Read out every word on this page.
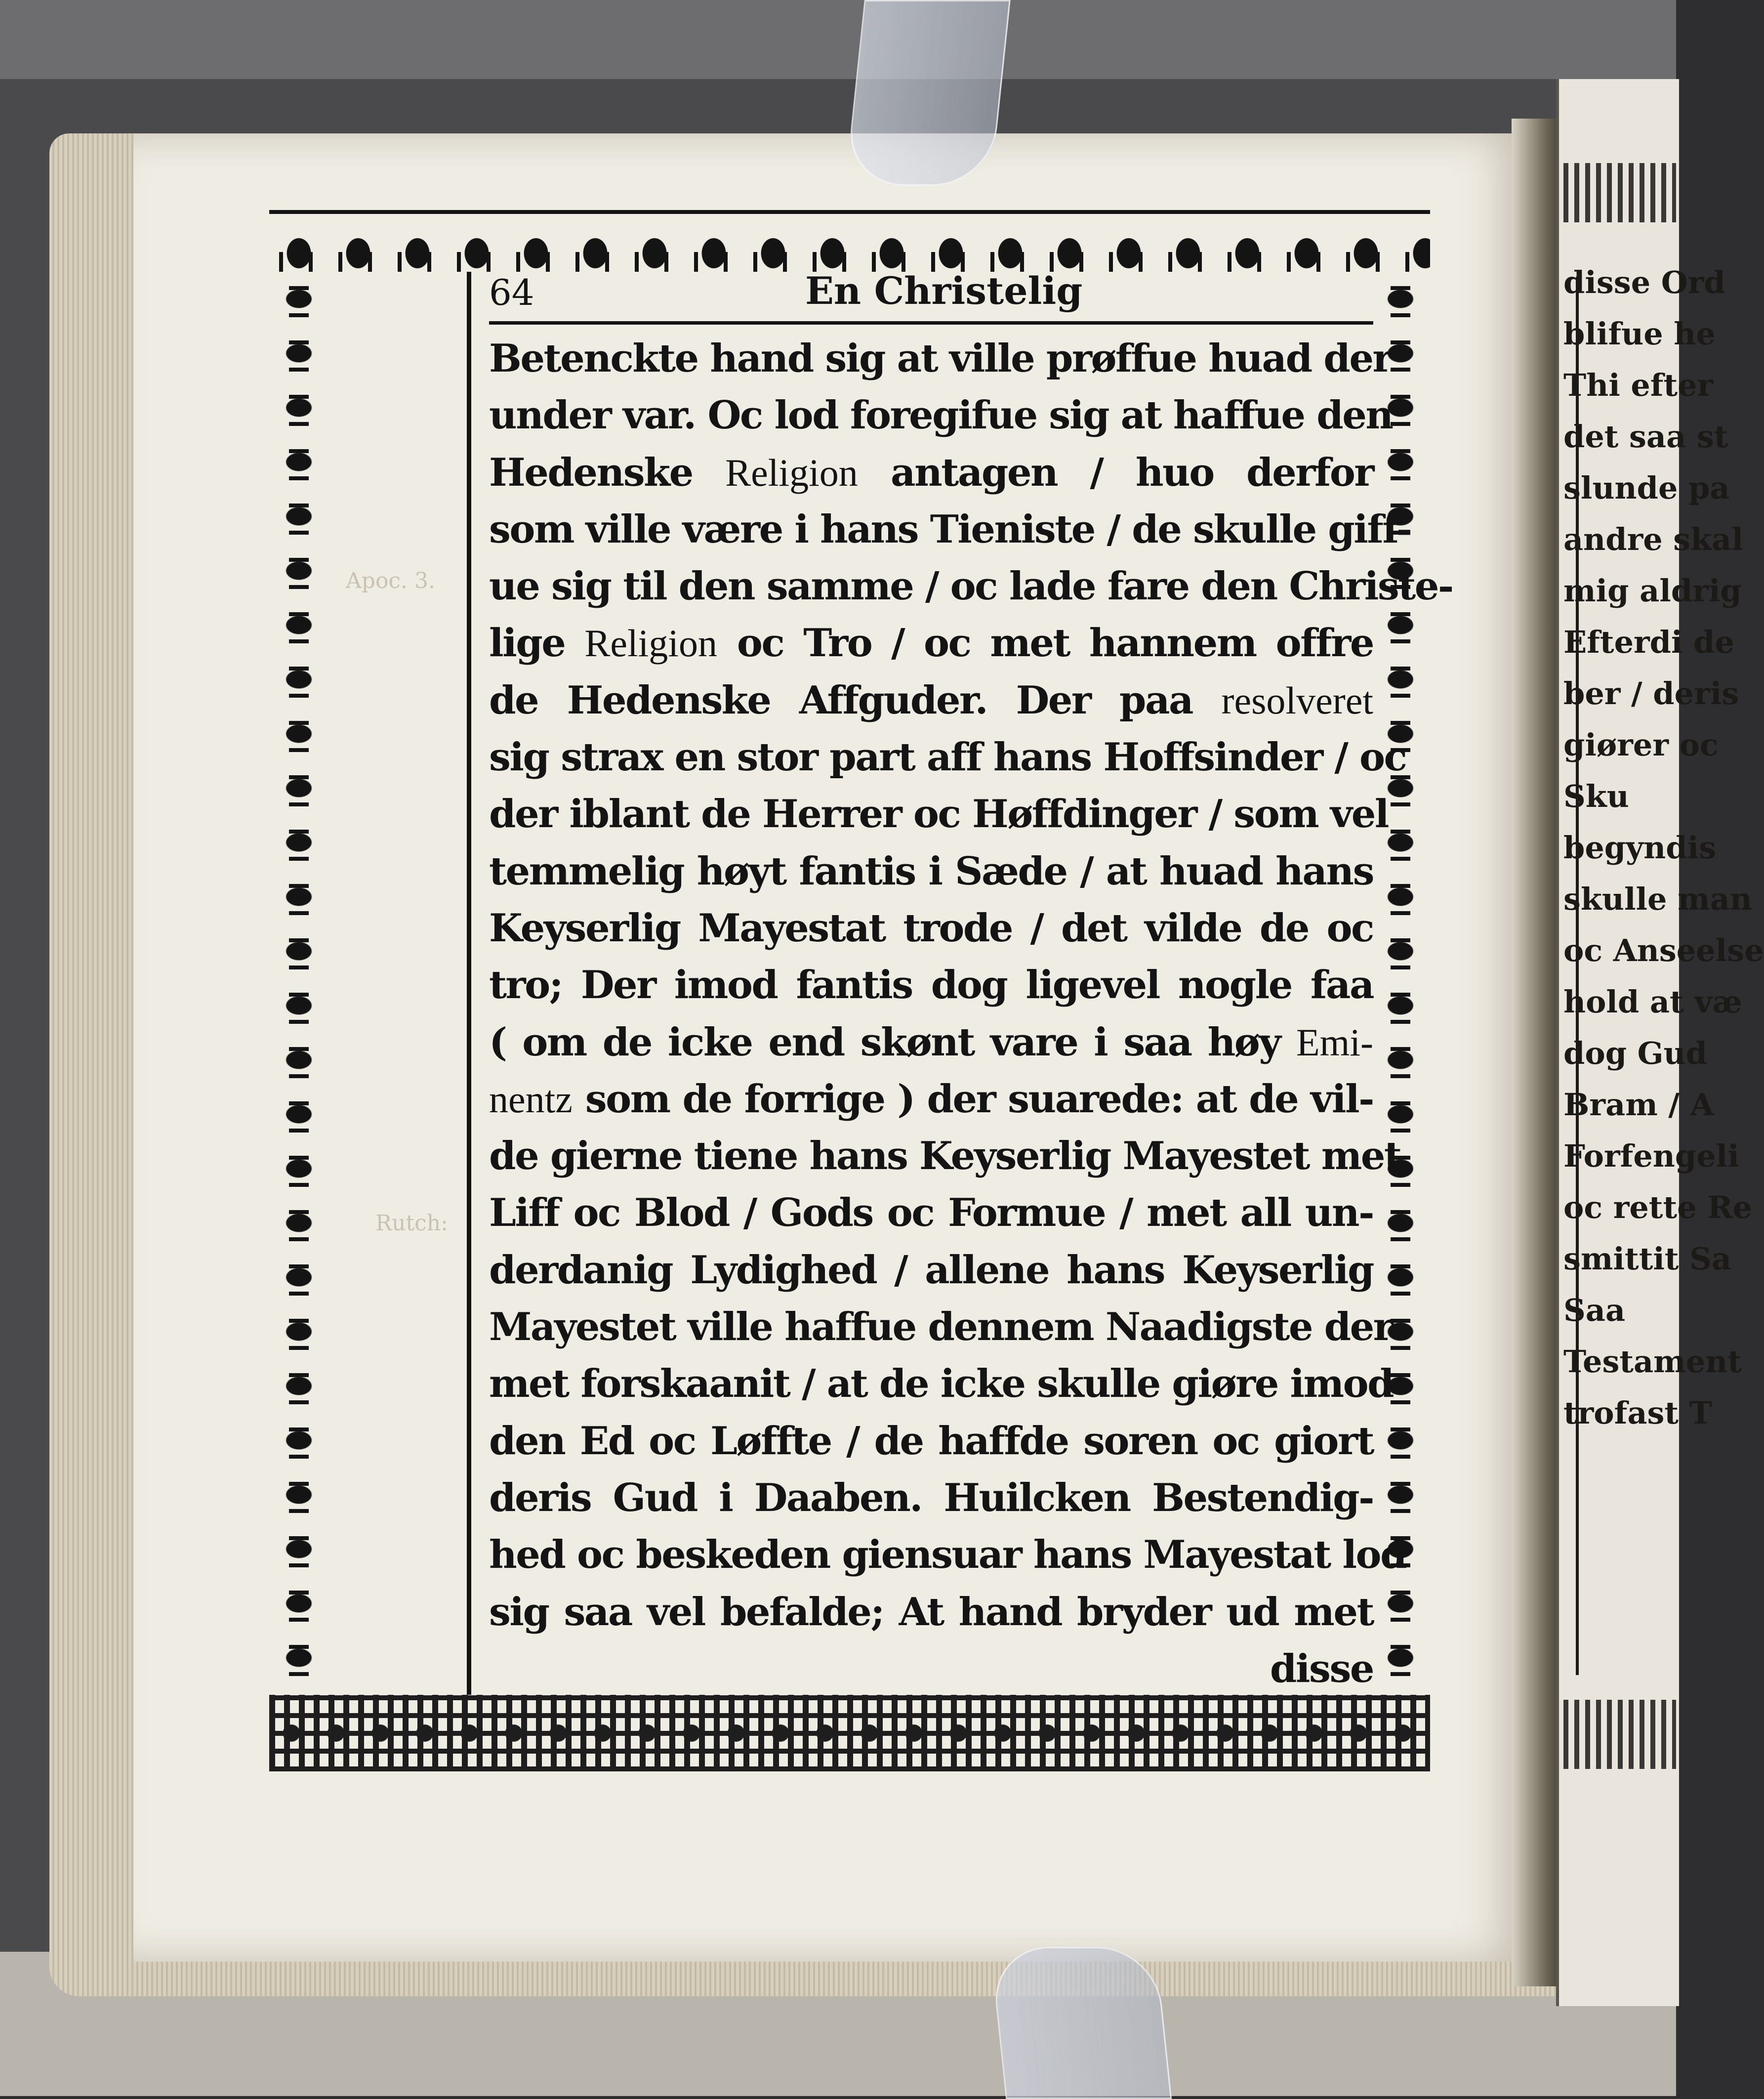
disse Ord
blifue he
Thi efter
det saa st
slunde pa
andre skal
mig aldrig
Efterdi de
ber / deris
giører oc
Sku
begyndis
skulle man
oc Anseelse
hold at væ
dog Gud
Bram / A
Forfengeli
oc rette Re
smittit Sa
Saa
Testament
trofast T
Apoc. 3.
Rutch:
64	En Christelig
Betenckte hand sig at ville prøffue huad der
under var. Oc lod foregifue sig at haffue den
Hedenske Religion antagen / huo derfor
som ville være i hans Tieniste / de skulle giff-
ue sig til den samme / oc lade fare den Christe-
lige Religion oc Tro / oc met hannem offre
de Hedenske Affguder. Der paa resolveret
sig strax en stor part aff hans Hoffsinder / oc
der iblant de Herrer oc Høffdinger / som vel
temmelig høyt fantis i Sæde / at huad hans
Keyserlig Mayestat trode / det vilde de oc
tro; Der imod fantis dog ligevel nogle faa
( om de icke end skønt vare i saa høy Emi-
nentz som de forrige ) der suarede: at de vil-
de gierne tiene hans Keyserlig Mayestet met
Liff oc Blod / Gods oc Formue / met all un-
derdanig Lydighed / allene hans Keyserlig
Mayestet ville haffue dennem Naadigste der
met forskaanit / at de icke skulle giøre imod
den Ed oc Løffte / de haffde soren oc giort
deris Gud i Daaben. Huilcken Bestendig-
hed oc beskeden giensuar hans Mayestat lod
sig saa vel befalde; At hand bryder ud met
disse
